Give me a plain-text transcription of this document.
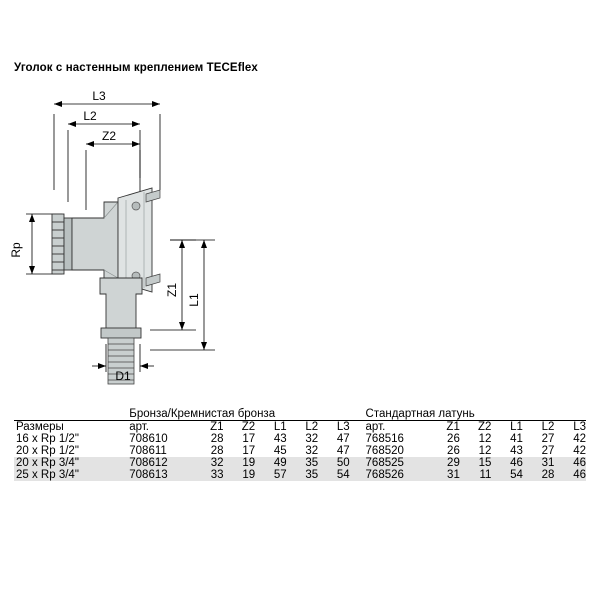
Уголок с настенным креплением TECEflex
L3
L2
Z2
Rp
Z1
L1
D1
	Бронза/Кремнистая бронза							Стандартная латунь					

Размеры	арт.	Z1	Z2	L1	L2	L3		арт.	Z1	Z2	L1	L2	L3
16 x Rp 1/2"	708610	28	17	43	32	47		768516	26	12	41	27	42
20 x Rp 1/2"	708611	28	17	45	32	47		768520	26	12	43	27	42
20 x Rp 3/4"	708612	32	19	49	35	50		768525	29	15	46	31	46
25 x Rp 3/4"	708613	33	19	57	35	54		768526	31	11	54	28	46
